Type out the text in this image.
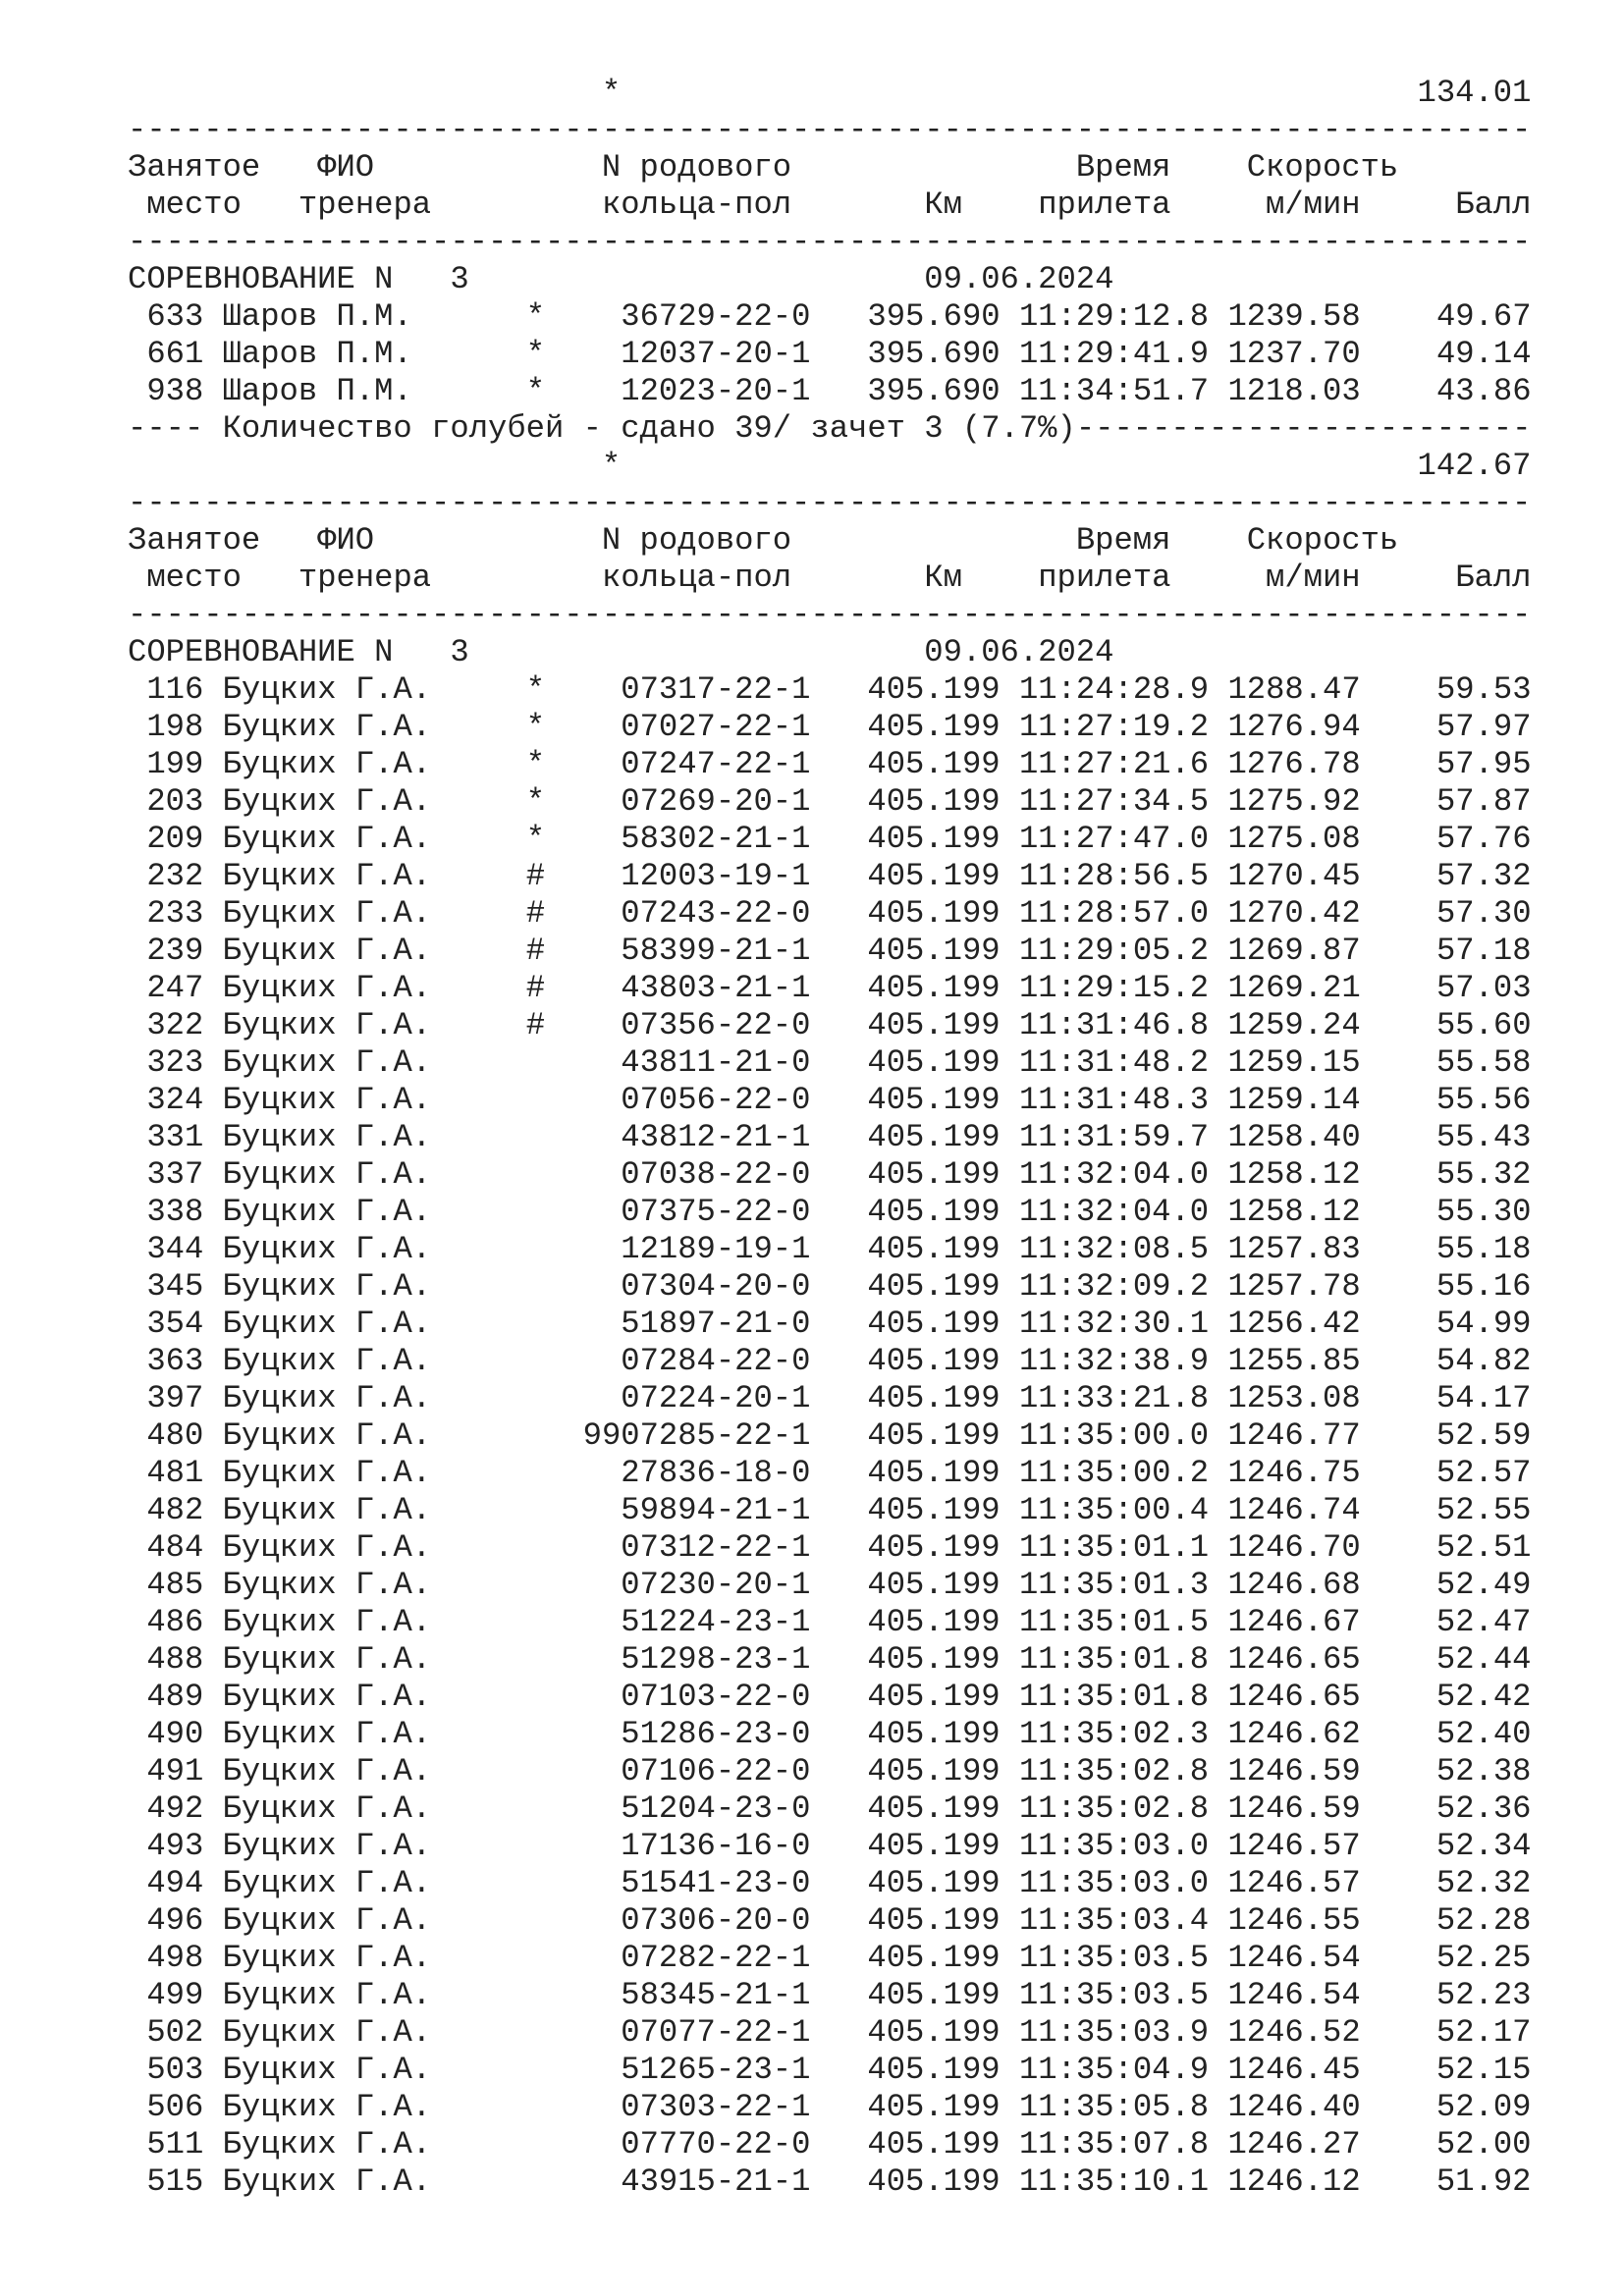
*	134.01
--------------------------------------------------------------------------
Занятое ФИО	N родового	Время Скорость
место тренера	кольца-пол	Км прилета	м/мин	Балл
--------------------------------------------------------------------------
СОРЕВНОВАНИЕ N   3	09.06.2024
633 Шаров П.М.	* 36729-22-0 395.690 11:29:12.8 1239.58 49.67
661 Шаров П.М.	* 12037-20-1 395.690 11:29:41.9 1237.70 49.14
938 Шаров П.М.	* 12023-20-1 395.690 11:34:51.7 1218.03 43.86
---- Количество голубей - сдано 39/ зачет 3 (7.7%)------------------------
*	142.67
--------------------------------------------------------------------------
Занятое ФИО	N родового	Время Скорость
место тренера	кольца-пол	Км прилета	м/мин	Балл
--------------------------------------------------------------------------
СОРЕВНОВАНИЕ N   3	09.06.2024
116 Буцких Г.А.	* 07317-22-1 405.199 11:24:28.9 1288.47 59.53
198 Буцких Г.А.	* 07027-22-1 405.199 11:27:19.2 1276.94 57.97
199 Буцких Г.А.	* 07247-22-1 405.199 11:27:21.6 1276.78 57.95
203 Буцких Г.А.	* 07269-20-1 405.199 11:27:34.5 1275.92 57.87
209 Буцких Г.А.	* 58302-21-1 405.199 11:27:47.0 1275.08 57.76
232 Буцких Г.А.	# 12003-19-1 405.199 11:28:56.5 1270.45 57.32
233 Буцких Г.А.	# 07243-22-0 405.199 11:28:57.0 1270.42 57.30
239 Буцких Г.А.	# 58399-21-1 405.199 11:29:05.2 1269.87 57.18
247 Буцких Г.А.	# 43803-21-1 405.199 11:29:15.2 1269.21 57.03
322 Буцких Г.А.	# 07356-22-0 405.199 11:31:46.8 1259.24 55.60
323 Буцких Г.А.	43811-21-0 405.199 11:31:48.2 1259.15 55.58
324 Буцких Г.А.	07056-22-0 405.199 11:31:48.3 1259.14 55.56
331 Буцких Г.А.	43812-21-1 405.199 11:31:59.7 1258.40 55.43
337 Буцких Г.А.	07038-22-0 405.199 11:32:04.0 1258.12 55.32
338 Буцких Г.А.	07375-22-0 405.199 11:32:04.0 1258.12 55.30
344 Буцких Г.А.	12189-19-1 405.199 11:32:08.5 1257.83 55.18
345 Буцких Г.А.	07304-20-0 405.199 11:32:09.2 1257.78 55.16
354 Буцких Г.А.	51897-21-0 405.199 11:32:30.1 1256.42 54.99
363 Буцких Г.А.	07284-22-0 405.199 11:32:38.9 1255.85 54.82
397 Буцких Г.А.	07224-20-1 405.199 11:33:21.8 1253.08 54.17
480 Буцких Г.А.	9907285-22-1 405.199 11:35:00.0 1246.77 52.59
481 Буцких Г.А.	27836-18-0 405.199 11:35:00.2 1246.75 52.57
482 Буцких Г.А.	59894-21-1 405.199 11:35:00.4 1246.74 52.55
484 Буцких Г.А.	07312-22-1 405.199 11:35:01.1 1246.70 52.51
485 Буцких Г.А.	07230-20-1 405.199 11:35:01.3 1246.68 52.49
486 Буцких Г.А.	51224-23-1 405.199 11:35:01.5 1246.67 52.47
488 Буцких Г.А.	51298-23-1 405.199 11:35:01.8 1246.65 52.44
489 Буцких Г.А.	07103-22-0 405.199 11:35:01.8 1246.65 52.42
490 Буцких Г.А.	51286-23-0 405.199 11:35:02.3 1246.62 52.40
491 Буцких Г.А.	07106-22-0 405.199 11:35:02.8 1246.59 52.38
492 Буцких Г.А.	51204-23-0 405.199 11:35:02.8 1246.59 52.36
493 Буцких Г.А.	17136-16-0 405.199 11:35:03.0 1246.57 52.34
494 Буцких Г.А.	51541-23-0 405.199 11:35:03.0 1246.57 52.32
496 Буцких Г.А.	07306-20-0 405.199 11:35:03.4 1246.55 52.28
498 Буцких Г.А.	07282-22-1 405.199 11:35:03.5 1246.54 52.25
499 Буцких Г.А.	58345-21-1 405.199 11:35:03.5 1246.54 52.23
502 Буцких Г.А.	07077-22-1 405.199 11:35:03.9 1246.52 52.17
503 Буцких Г.А.	51265-23-1 405.199 11:35:04.9 1246.45 52.15
506 Буцких Г.А.	07303-22-1 405.199 11:35:05.8 1246.40 52.09
511 Буцких Г.А.	07770-22-0 405.199 11:35:07.8 1246.27 52.00
515 Буцких Г.А.	43915-21-1 405.199 11:35:10.1 1246.12 51.92
